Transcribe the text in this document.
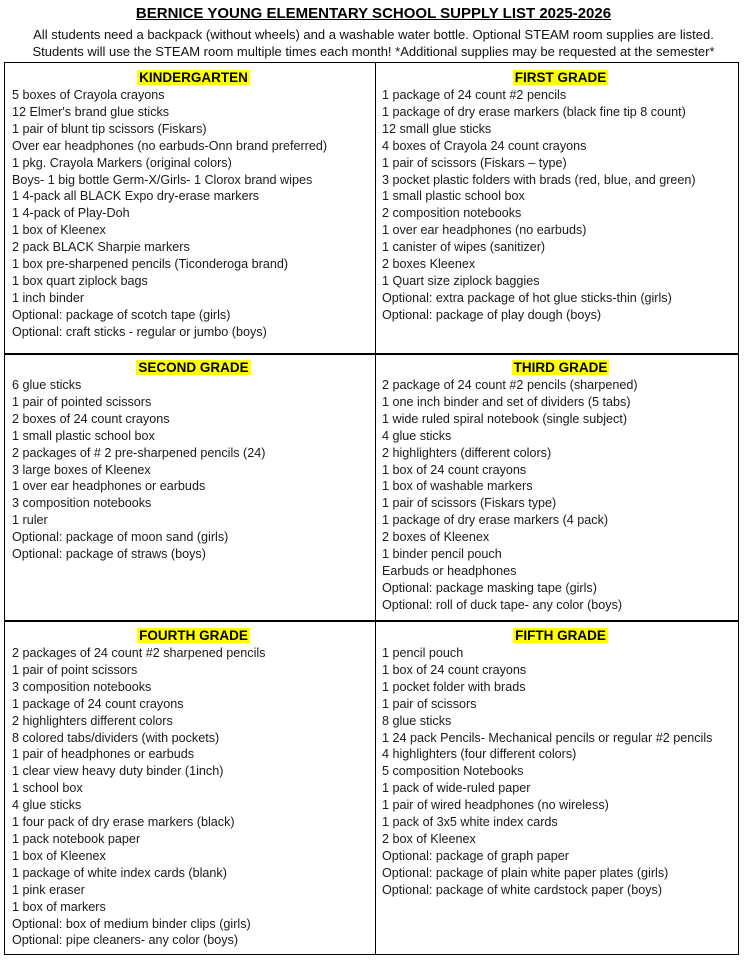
BERNICE YOUNG ELEMENTARY SCHOOL SUPPLY LIST 2025-2026
All students need a backpack (without wheels) and a washable water bottle. Optional STEAM room supplies are listed.
Students will use the STEAM room multiple times each month! *Additional supplies may be requested at the semester*
KINDERGARTEN
5 boxes of Crayola crayons
12 Elmer's brand glue sticks
1 pair of blunt tip scissors (Fiskars)
Over ear headphones (no earbuds-Onn brand preferred)
1 pkg. Crayola Markers (original colors)
Boys- 1 big bottle Germ-X/Girls- 1 Clorox brand wipes
1 4-pack all BLACK Expo dry-erase markers
1 4-pack of Play-Doh
1 box of Kleenex
2 pack BLACK Sharpie markers
1 box pre-sharpened pencils (Ticonderoga brand)
1 box quart ziplock bags
1 inch binder
Optional: package of scotch tape (girls)
Optional: craft sticks - regular or jumbo (boys)
FIRST GRADE
1 package of 24 count #2 pencils
1 package of dry erase markers (black fine tip 8 count)
12 small glue sticks
4 boxes of Crayola 24 count crayons
1 pair of scissors (Fiskars – type)
3 pocket plastic folders with brads (red, blue, and green)
1 small plastic school box
2 composition notebooks
1 over ear headphones (no earbuds)
1 canister of wipes (sanitizer)
2 boxes Kleenex
1 Quart size ziplock baggies
Optional: extra package of hot glue sticks-thin (girls)
Optional: package of play dough (boys)
SECOND GRADE
6 glue sticks
1 pair of pointed scissors
2 boxes of 24 count crayons
1 small plastic school box
2 packages of # 2 pre-sharpened pencils (24)
3 large boxes of Kleenex
1 over ear headphones or earbuds
3 composition notebooks
1 ruler
Optional: package of moon sand (girls)
Optional: package of straws (boys)
THIRD GRADE
2 package of 24 count #2 pencils (sharpened)
1 one inch binder and set of dividers (5 tabs)
1 wide ruled spiral notebook (single subject)
4 glue sticks
2 highlighters (different colors)
1 box of 24 count crayons
1 box of washable markers
1 pair of scissors (Fiskars type)
1 package of dry erase markers (4 pack)
2 boxes of Kleenex
1 binder pencil pouch
Earbuds or headphones
Optional: package masking tape (girls)
Optional: roll of duck tape- any color (boys)
FOURTH GRADE
2 packages of 24 count #2 sharpened pencils
1 pair of point scissors
3 composition notebooks
1 package of 24 count crayons
2 highlighters different colors
8 colored tabs/dividers (with pockets)
1 pair of headphones or earbuds
1 clear view heavy duty binder (1inch)
1 school box
4 glue sticks
1 four pack of dry erase markers (black)
1 pack notebook paper
1 box of Kleenex
1 package of white index cards (blank)
1 pink eraser
1 box of markers
Optional: box of medium binder clips (girls)
Optional: pipe cleaners- any color (boys)
FIFTH GRADE
1 pencil pouch
1 box of 24 count crayons
1 pocket folder with brads
1 pair of scissors
8 glue sticks
1 24 pack Pencils- Mechanical pencils or regular #2 pencils
4 highlighters (four different colors)
5 composition Notebooks
1 pack of wide-ruled paper
1 pair of wired headphones (no wireless)
1 pack of 3x5 white index cards
2 box of Kleenex
Optional: package of graph paper
Optional: package of plain white paper plates (girls)
Optional: package of white cardstock paper (boys)
